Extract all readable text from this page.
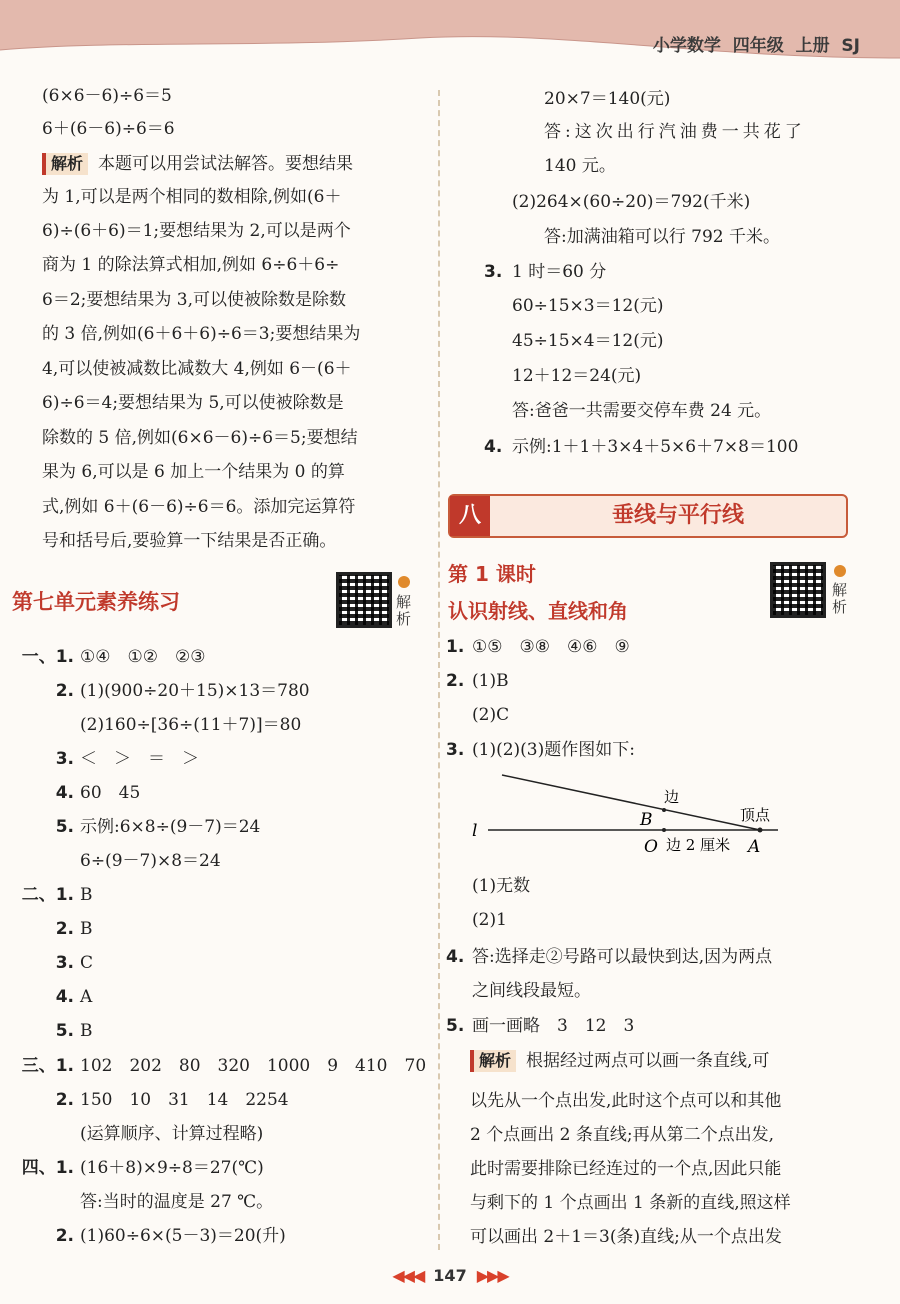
小学数学 四年级 上册 SJ
(6×6－6)÷6＝5
6＋(6－6)÷6＝6
解析 本题可以用尝试法解答。要想结果
为 1,可以是两个相同的数相除,例如(6＋
6)÷(6＋6)＝1;要想结果为 2,可以是两个
商为 1 的除法算式相加,例如 6÷6＋6÷
6＝2;要想结果为 3,可以使被除数是除数
的 3 倍,例如(6＋6＋6)÷6＝3;要想结果为
4,可以使被减数比减数大 4,例如 6－(6＋
6)÷6＝4;要想结果为 5,可以使被除数是
除数的 5 倍,例如(6×6－6)÷6＝5;要想结
果为 6,可以是 6 加上一个结果为 0 的算
式,例如 6＋(6－6)÷6＝6。添加完运算符
号和括号后,要验算一下结果是否正确。
第七单元素养练习	解析
一、1. ①④　①②　②③
2. (1)(900÷20＋15)×13＝780
(2)160÷[36÷(11＋7)]＝80
3. ＜　＞　＝　＞
4. 60　45
5. 示例:6×8÷(9－7)＝24
6÷(9－7)×8＝24
二、1. B
2. B
3. C
4. A
5. B
三、1. 102　202　80　320　1000　9　410　70
2. 150　10　31　14　2254
(运算顺序、计算过程略)
四、1. (16＋8)×9÷8＝27(℃)
答:当时的温度是 27 ℃。
2. (1)60÷6×(5－3)＝20(升)
20×7＝140(元)
答:这次出行汽油费一共花了
140 元。
(2)264×(60÷20)＝792(千米)
答:加满油箱可以行 792 千米。
3. 1 时＝60 分
60÷15×3＝12(元)
45÷15×4＝12(元)
12＋12＝24(元)
答:爸爸一共需要交停车费 24 元。
4. 示例:1＋1＋3×4＋5×6＋7×8＝100
八	垂线与平行线
第 1 课时
认识射线、直线和角
解析
1. ①⑤　③⑧　④⑥　⑨
2. (1)B
(2)C
3. (1)(2)(3)题作图如下:
边
顶点
B
l
O 边 2 厘米 A
(1)无数
(2)1
4. 答:选择走②号路可以最快到达,因为两点
之间线段最短。
5. 画一画略　3　12　3
解析 根据经过两点可以画一条直线,可
以先从一个点出发,此时这个点可以和其他
2 个点画出 2 条直线;再从第二个点出发,
此时需要排除已经连过的一个点,因此只能
与剩下的 1 个点画出 1 条新的直线,照这样
可以画出 2＋1＝3(条)直线;从一个点出发
◀◀◀ 147 ▶▶▶
